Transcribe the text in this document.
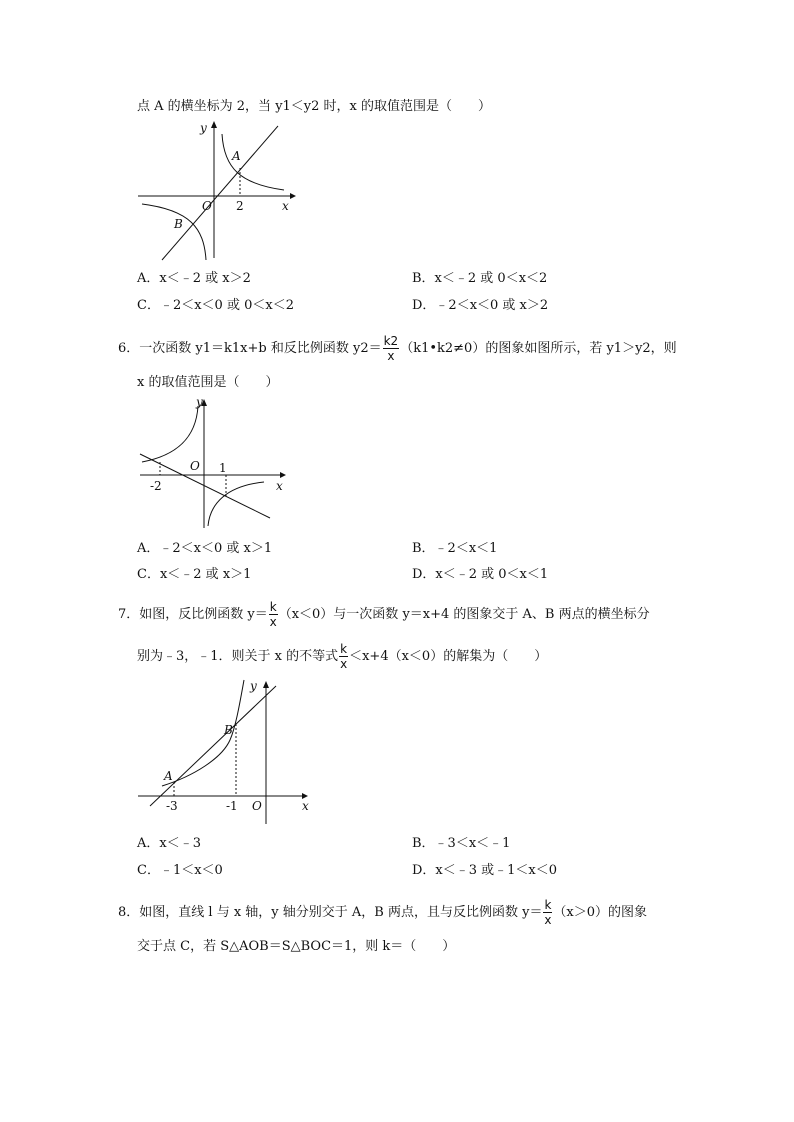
点 A 的横坐标为 2，当 y1＜y2 时，x 的取值范围是（　　）
y
x
O
A
B
2
A．x＜﹣2 或 x＞2	B．x＜﹣2 或 0＜x＜2
C．﹣2＜x＜0 或 0＜x＜2	D．﹣2＜x＜0 或 x＞2
6．一次函数 y1＝k1x+b 和反比例函数 $y2= \frac{k2}{x}$ （k1•k2≠0）的图象如图所示，若 y1＞y2，则
x 的取值范围是（　　）
y
x
O
-2
1
A．﹣2＜x＜0 或 x＞1	B．﹣2＜x＜1
C．x＜﹣2 或 x＞1	D．x＜﹣2 或 0＜x＜1
7．如图，反比例函数 $y= \frac{k}{x} (x<0)$与一次函数 y＝x+4 的图象交于 A、B 两点的横坐标分
别为﹣3，﹣1．则关于 x 的不等式 $\frac{k}{x} <x+4(x<0)$的解集为（　　）
y
x
O
A
B
-3	-1
A．x＜﹣3	B．﹣3＜x＜﹣1
C．﹣1＜x＜0	D．x＜﹣3 或﹣1＜x＜0
8．如图，直线 l 与 x 轴，y 轴分别交于 A，B 两点，且与反比例函数 $y= \frac{k}{x} (x>0)$的图象
交于点 C，若 S△AOB＝S△BOC＝1，则 k＝（　　）
